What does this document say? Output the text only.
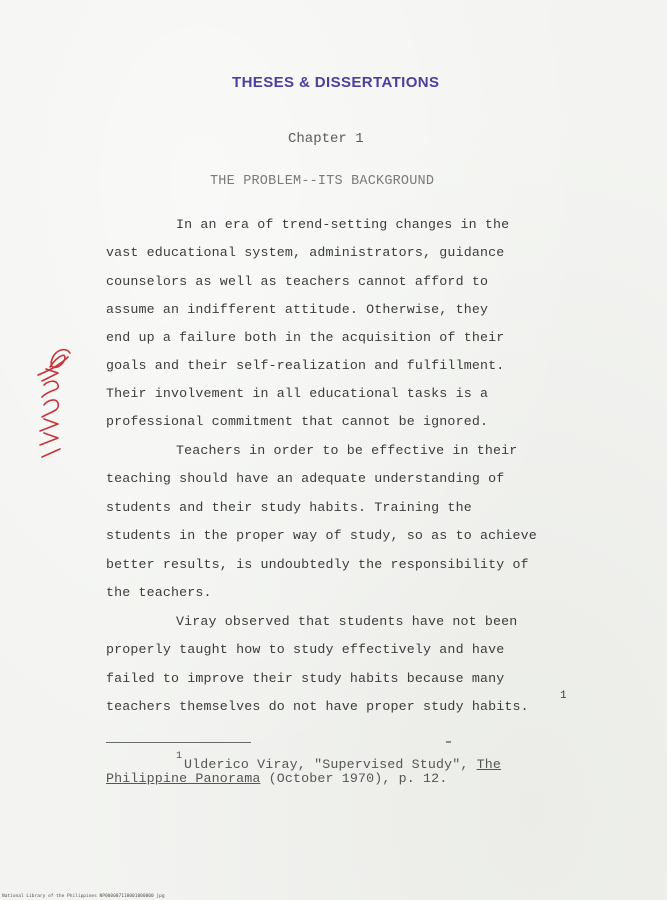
THESES & DISSERTATIONS
Chapter 1
THE PROBLEM--ITS BACKGROUND
In an era of trend-setting changes in the
vast educational system, administrators, guidance
counselors as well as teachers cannot afford to
assume an indifferent attitude. Otherwise, they
end up a failure both in the acquisition of their
goals and their self-realization and fulfillment.
Their involvement in all educational tasks is a
professional commitment that cannot be ignored.
Teachers in order to be effective in their
teaching should have an adequate understanding of
students and their study habits. Training the
students in the proper way of study, so as to achieve
better results, is undoubtedly the responsibility of
the teachers.
Viray observed that students have not been
properly taught how to study effectively and have
failed to improve their study habits because many
teachers themselves do not have proper study habits.
1
1
Ulderico Viray, "Supervised Study", The
Philippine Panorama (October 1970), p. 12.
National Library of the Philippines NP000007110001000000 jpg
